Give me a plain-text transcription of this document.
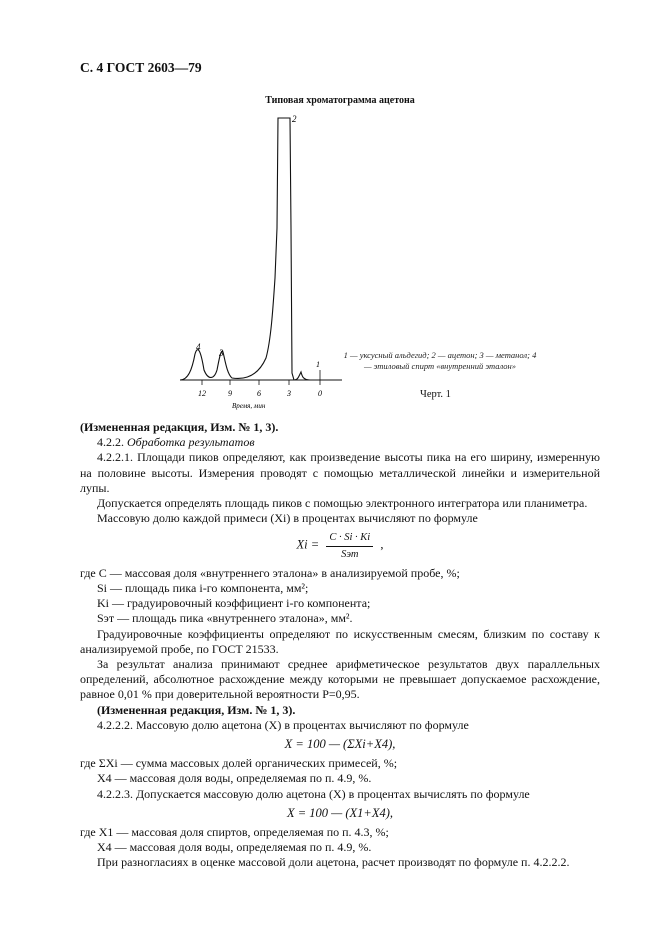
С. 4 ГОСТ 2603—79
Типовая хроматограмма ацетона
12	9	6	3	0
Время, мин
4
3
2
1
1 — уксусный альдегид; 2 — ацетон; 3 — метанол; 4 — этиловый спирт «внутренний эталон»
Черт. 1

(Измененная редакция, Изм. № 1, 3).

4.2.2. Обработка результатов

4.2.2.1. Площади пиков определяют, как произведение высоты пика на его ширину, измеренную на половине высоты. Измерения проводят с помощью металлической линейки и измерительной лупы.

Допускается определять площадь пиков с помощью электронного интегратора или планиметра.

Массовую долю каждой примеси (Xi) в процентах вычисляют по формуле

$Xi = \frac{C \cdot Si \cdot Ki}{\text{Sэт}}$ ,

где C — массовая доля «внутреннего эталона» в анализируемой пробе, %;

Si — площадь пика i-го компонента, мм²;

Ki — градуировочный коэффициент i-го компонента;

Sэт — площадь пика «внутреннего эталона», мм².

Градуировочные коэффициенты определяют по искусственным смесям, близким по составу к анализируемой пробе, по ГОСТ 21533.

За результат анализа принимают среднее арифметическое результатов двух параллельных определений, абсолютное расхождение между которыми не превышает допускаемое расхождение, равное 0,01 % при доверительной вероятности P=0,95.

(Измененная редакция, Изм. № 1, 3).

4.2.2.2. Массовую долю ацетона (X) в процентах вычисляют по формуле

X = 100 — (ΣXi+X4),

где ΣXi — сумма массовых долей органических примесей, %;

X4 — массовая доля воды, определяемая по п. 4.9, %.

4.2.2.3. Допускается массовую долю ацетона (X) в процентах вычислять по формуле

X = 100 — (X1+X4),

где X1 — массовая доля спиртов, определяемая по п. 4.3, %;

X4 — массовая доля воды, определяемая по п. 4.9, %.

При разногласиях в оценке массовой доли ацетона, расчет производят по формуле п. 4.2.2.2.
